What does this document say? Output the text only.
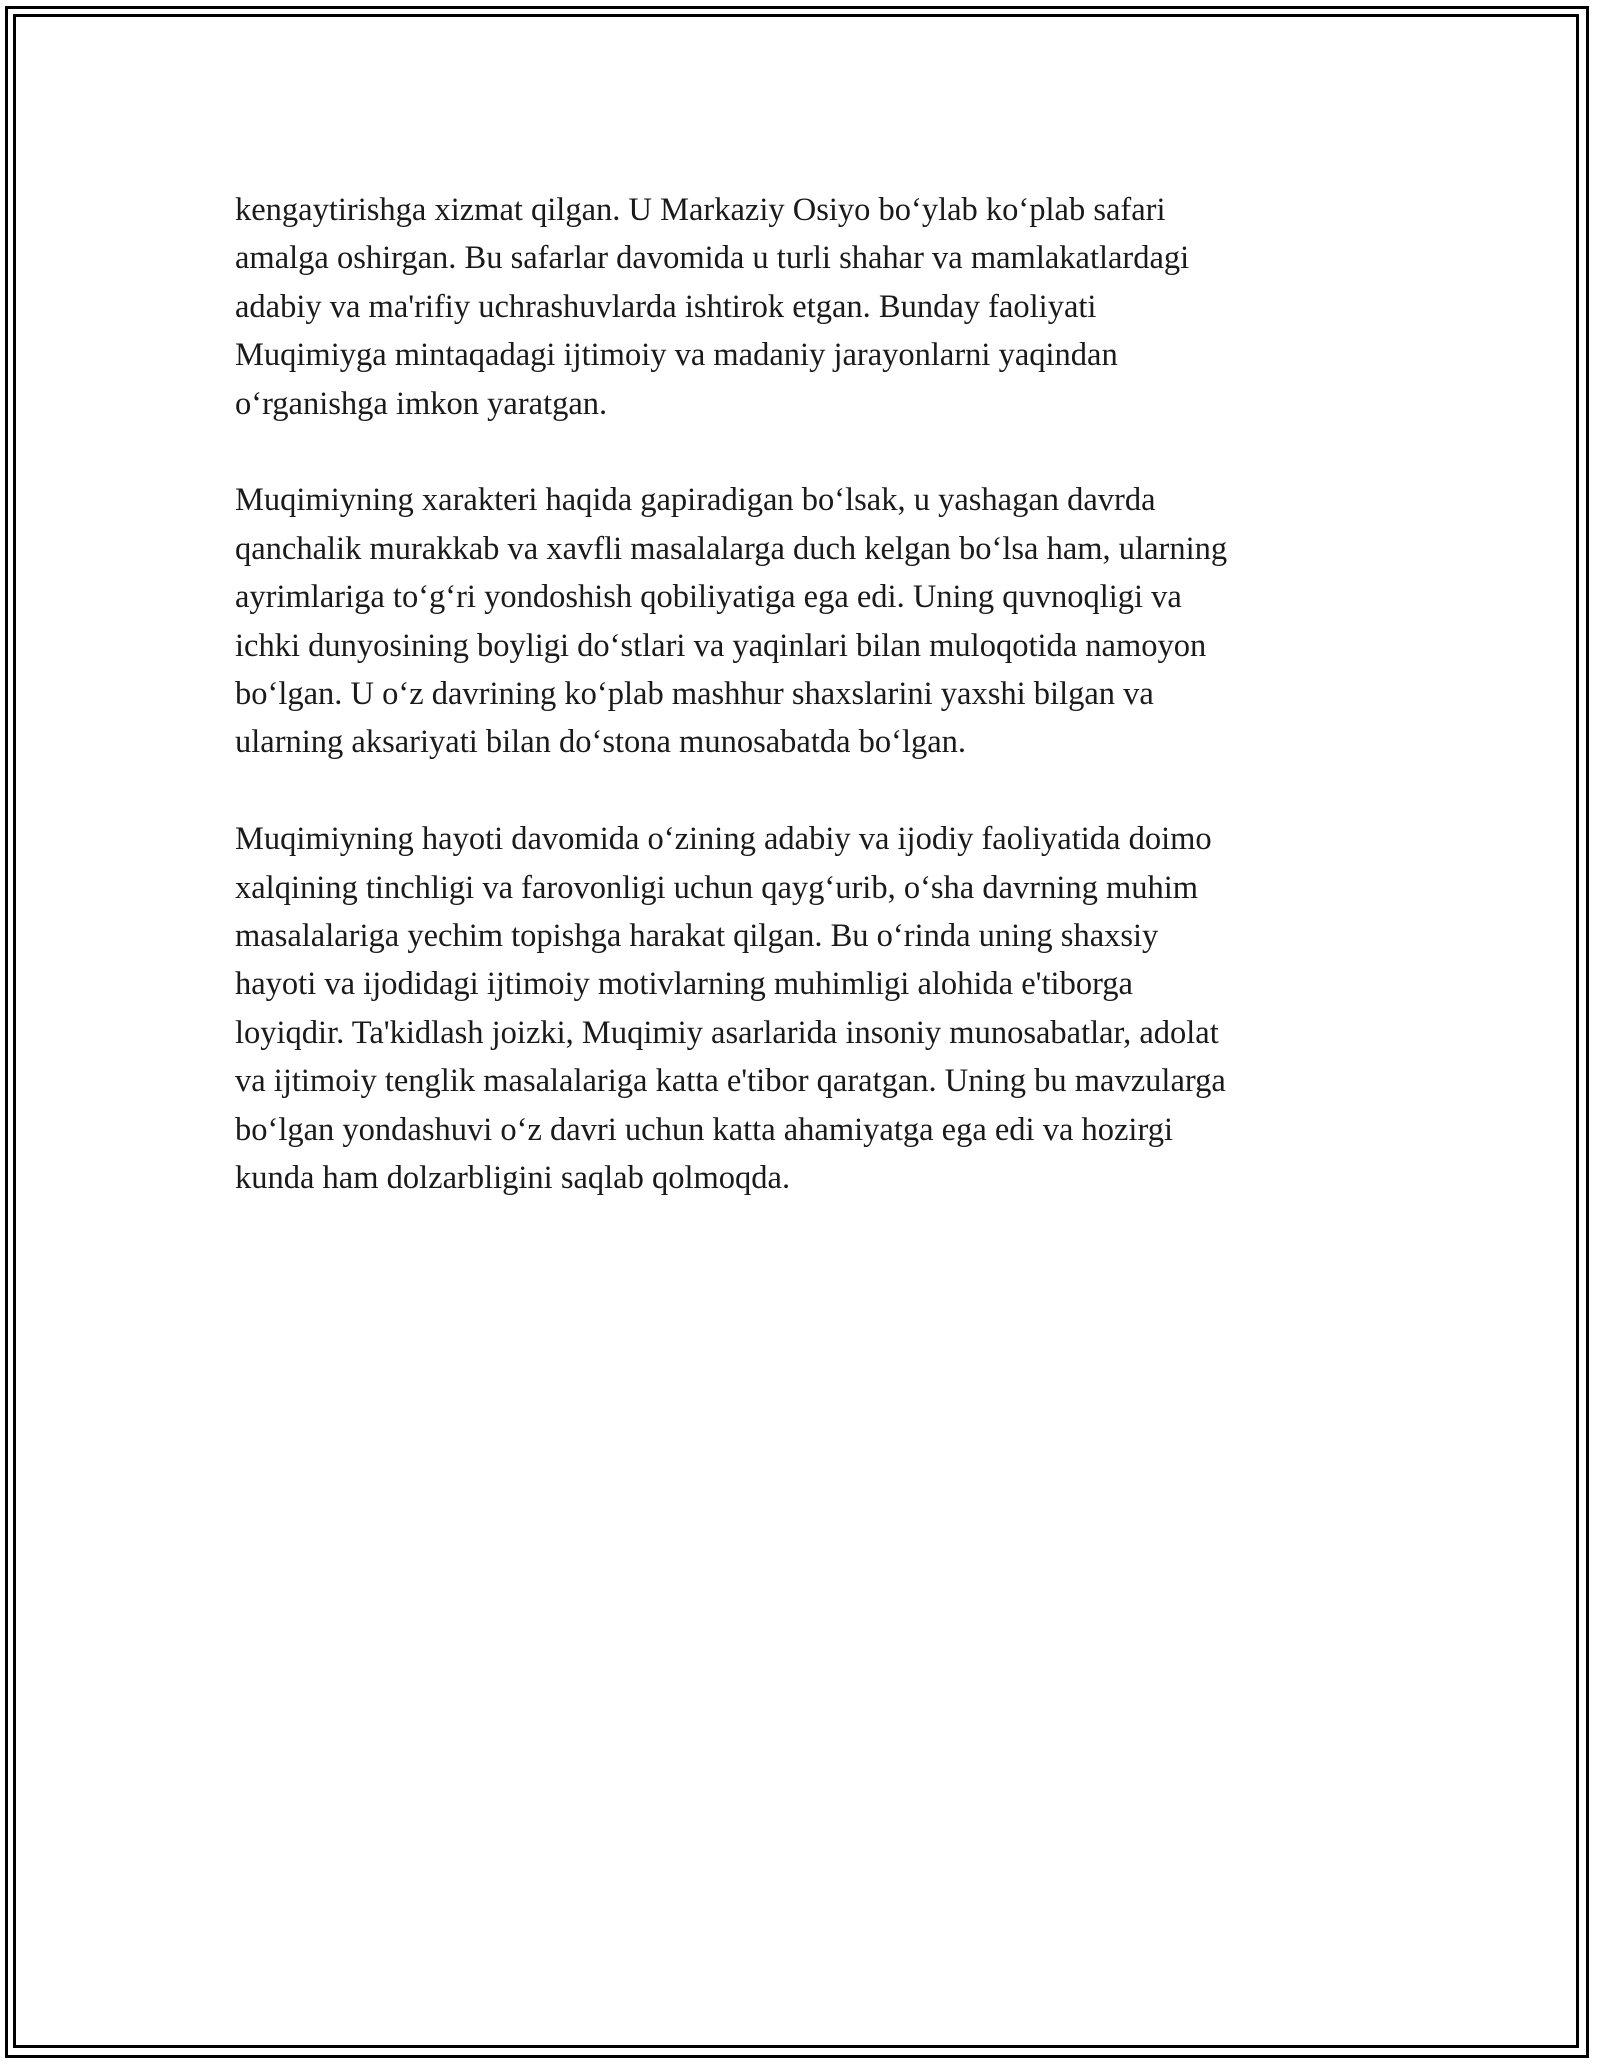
kengaytirishga xizmat qilgan. U Markaziy Osiyo bo‘ylab ko‘plab safari
amalga oshirgan. Bu safarlar davomida u turli shahar va mamlakatlardagi
adabiy va ma'rifiy uchrashuvlarda ishtirok etgan. Bunday faoliyati
Muqimiyga mintaqadagi ijtimoiy va madaniy jarayonlarni yaqindan
o‘rganishga imkon yaratgan.

Muqimiyning xarakteri haqida gapiradigan bo‘lsak, u yashagan davrda
qanchalik murakkab va xavfli masalalarga duch kelgan bo‘lsa ham, ularning
ayrimlariga to‘g‘ri yondoshish qobiliyatiga ega edi. Uning quvnoqligi va
ichki dunyosining boyligi do‘stlari va yaqinlari bilan muloqotida namoyon
bo‘lgan. U o‘z davrining ko‘plab mashhur shaxslarini yaxshi bilgan va
ularning aksariyati bilan do‘stona munosabatda bo‘lgan.

Muqimiyning hayoti davomida o‘zining adabiy va ijodiy faoliyatida doimo
xalqining tinchligi va farovonligi uchun qayg‘urib, o‘sha davrning muhim
masalalariga yechim topishga harakat qilgan. Bu o‘rinda uning shaxsiy
hayoti va ijodidagi ijtimoiy motivlarning muhimligi alohida e'tiborga
loyiqdir. Ta'kidlash joizki, Muqimiy asarlarida insoniy munosabatlar, adolat
va ijtimoiy tenglik masalalariga katta e'tibor qaratgan. Uning bu mavzularga
bo‘lgan yondashuvi o‘z davri uchun katta ahamiyatga ega edi va hozirgi
kunda ham dolzarbligini saqlab qolmoqda.
